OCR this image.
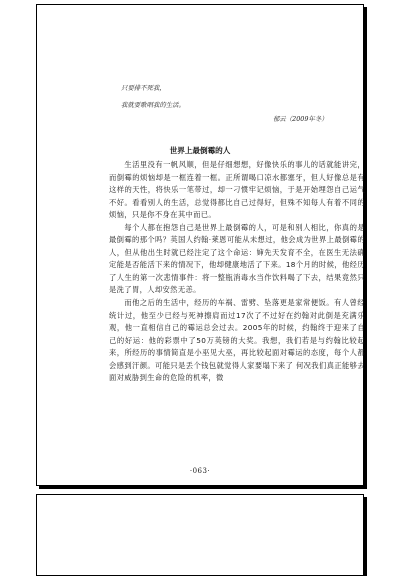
只要排不死我，
我就要歌唱我的生活。
郁云（2009年冬）
世界上最倒霉的人

生活里没有一帆风顺，但是仔细想想，好像快乐的事儿的话就能讲完，而倒霉的烦恼却是一框连着一框。正所谓喝口凉水都塞牙，但人好像总是有这样的天性，将快乐一笔带过，却一刁惯牢记烦恼，于是开始埋怨自己运气不好。看看别人的生活，总觉得都比自己过得好，但殊不知每人有着不同的烦恼，只是你不身在其中而已。

每个人都在抱怨自己是世界上最倒霉的人，可是和别人相比，你真的是最倒霉的那个吗？英国人约翰·莱恩可能从未想过，他会成为世界上最倒霉的人，但从他出生时就已经注定了这个命运：婶先天发育不全，在医生无法确定能是否能活下来的情况下，他却健康地活了下来。18个月的时候，他经历了人生的第一次悲情事件：将一整瓶消毒水当作饮料喝了下去，结果竟然只是洗了胃，人却安然无恙。

而他之后的生活中，经历的车祸、雷劈、坠落更是家常便饭。有人曾经统计过，他至少已经与死神擦肩而过17次了不过好在约翰对此倒是充满乐观，他一直相信自己的霉运总会过去。2005年的时候，约翰终于迎来了自己的好运：他的彩票中了50万英镑的大奖。我想，我们若是与约翰比较起来，所经历的事情简直是小巫见大巫，再比较起面对霉运的态度，每个人都会感到汗颜。可能只是丢个钱包就觉得人家要塌下来了 何况我们真正能够去面对威胁到生命的危险的机率，微

·063·
